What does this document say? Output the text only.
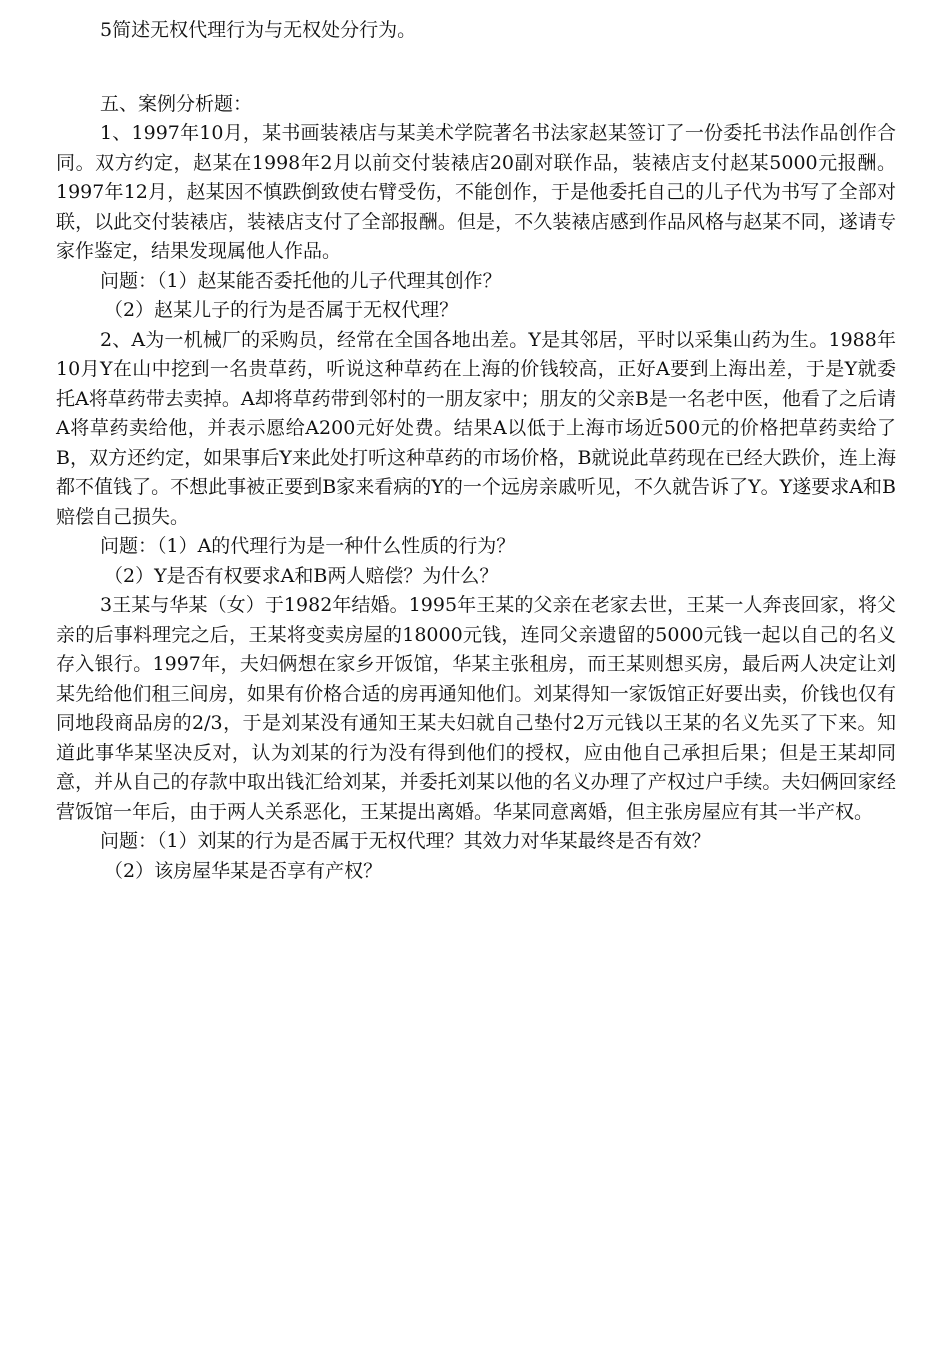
5简述无权代理行为与无权处分行为。

五、案例分析题：

1、1997年10月，某书画装裱店与某美术学院著名书法家赵某签订了一份委托书法作品创作合同。双方约定，赵某在1998年2月以前交付装裱店20副对联作品，装裱店支付赵某5000元报酬。1997年12月，赵某因不慎跌倒致使右臂受伤，不能创作，于是他委托自己的儿子代为书写了全部对联，以此交付装裱店，装裱店支付了全部报酬。但是，不久装裱店感到作品风格与赵某不同，遂请专家作鉴定，结果发现属他人作品。

问题：（1）赵某能否委托他的儿子代理其创作？

（2）赵某儿子的行为是否属于无权代理？

2、A为一机械厂的采购员，经常在全国各地出差。Y是其邻居，平时以采集山药为生。1988年10月Y在山中挖到一名贵草药，听说这种草药在上海的价钱较高，正好A要到上海出差，于是Y就委托A将草药带去卖掉。A却将草药带到邻村的一朋友家中；朋友的父亲B是一名老中医，他看了之后请A将草药卖给他，并表示愿给A200元好处费。结果A以低于上海市场近500元的价格把草药卖给了B，双方还约定，如果事后Y来此处打听这种草药的市场价格，B就说此草药现在已经大跌价，连上海都不值钱了。不想此事被正要到B家来看病的Y的一个远房亲戚听见，不久就告诉了Y。Y遂要求A和B赔偿自己损失。

问题：（1）A的代理行为是一种什么性质的行为？

（2）Y是否有权要求A和B两人赔偿？为什么？

3王某与华某（女）于1982年结婚。1995年王某的父亲在老家去世，王某一人奔丧回家，将父亲的后事料理完之后，王某将变卖房屋的18000元钱，连同父亲遗留的5000元钱一起以自己的名义存入银行。1997年，夫妇俩想在家乡开饭馆，华某主张租房，而王某则想买房，最后两人决定让刘某先给他们租三间房，如果有价格合适的房再通知他们。刘某得知一家饭馆正好要出卖，价钱也仅有同地段商品房的2/3，于是刘某没有通知王某夫妇就自己垫付2万元钱以王某的名义先买了下来。知道此事华某坚决反对，认为刘某的行为没有得到他们的授权，应由他自己承担后果；但是王某却同意，并从自己的存款中取出钱汇给刘某，并委托刘某以他的名义办理了产权过户手续。夫妇俩回家经营饭馆一年后，由于两人关系恶化，王某提出离婚。华某同意离婚，但主张房屋应有其一半产权。

问题：（1）刘某的行为是否属于无权代理？其效力对华某最终是否有效？

（2）该房屋华某是否享有产权？
